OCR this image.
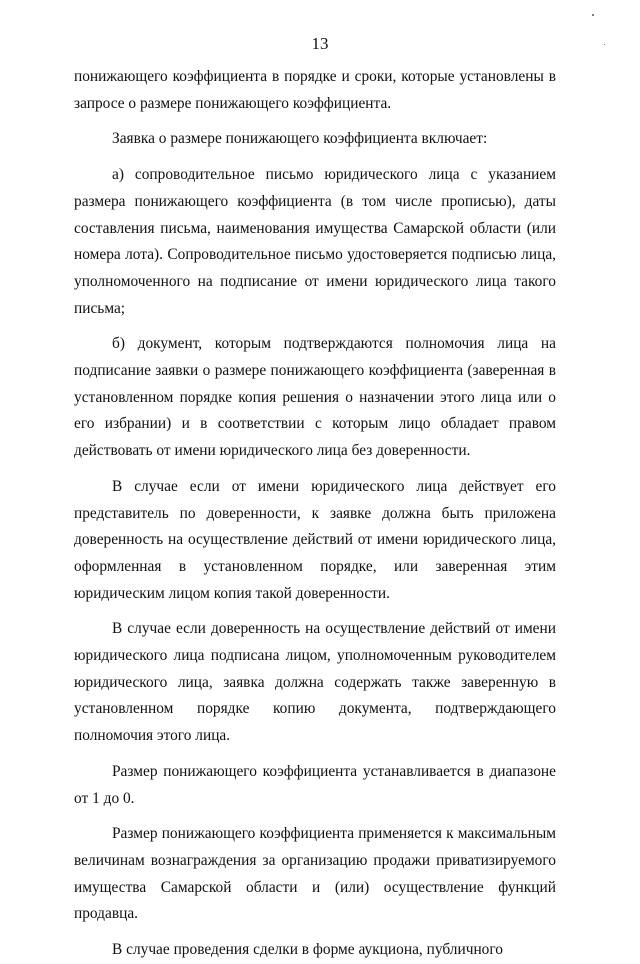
13

понижающего коэффициента в порядке и сроки, которые установлены в запросе о размере понижающего коэффициента.

Заявка о размере понижающего коэффициента включает:

а) сопроводительное письмо юридического лица с указанием размера понижающего коэффициента (в том числе прописью), даты составления письма, наименования имущества Самарской области (или номера лота). Сопроводительное письмо удостоверяется подписью лица, уполномоченного на подписание от имени юридического лица такого письма;

б) документ, которым подтверждаются полномочия лица на подписание заявки о размере понижающего коэффициента (заверенная в установленном порядке копия решения о назначении этого лица или о его избрании) и в соответствии с которым лицо обладает правом действовать от имени юридического лица без доверенности.

В случае если от имени юридического лица действует его представитель по доверенности, к заявке должна быть приложена доверенность на осуществление действий от имени юридического лица, оформленная в установленном порядке, или заверенная этим юридическим лицом копия такой доверенности.

В случае если доверенность на осуществление действий от имени юридического лица подписана лицом, уполномоченным руководителем юридического лица, заявка должна содержать также заверенную в установленном порядке копию документа, подтверждающего полномочия этого лица.

Размер понижающего коэффициента устанавливается в диапазоне от 1 до 0.

Размер понижающего коэффициента применяется к максимальным величинам вознаграждения за организацию продажи приватизируемого имущества Самарской области и (или) осуществление функций продавца.

В случае проведения сделки в форме аукциона, публичного
